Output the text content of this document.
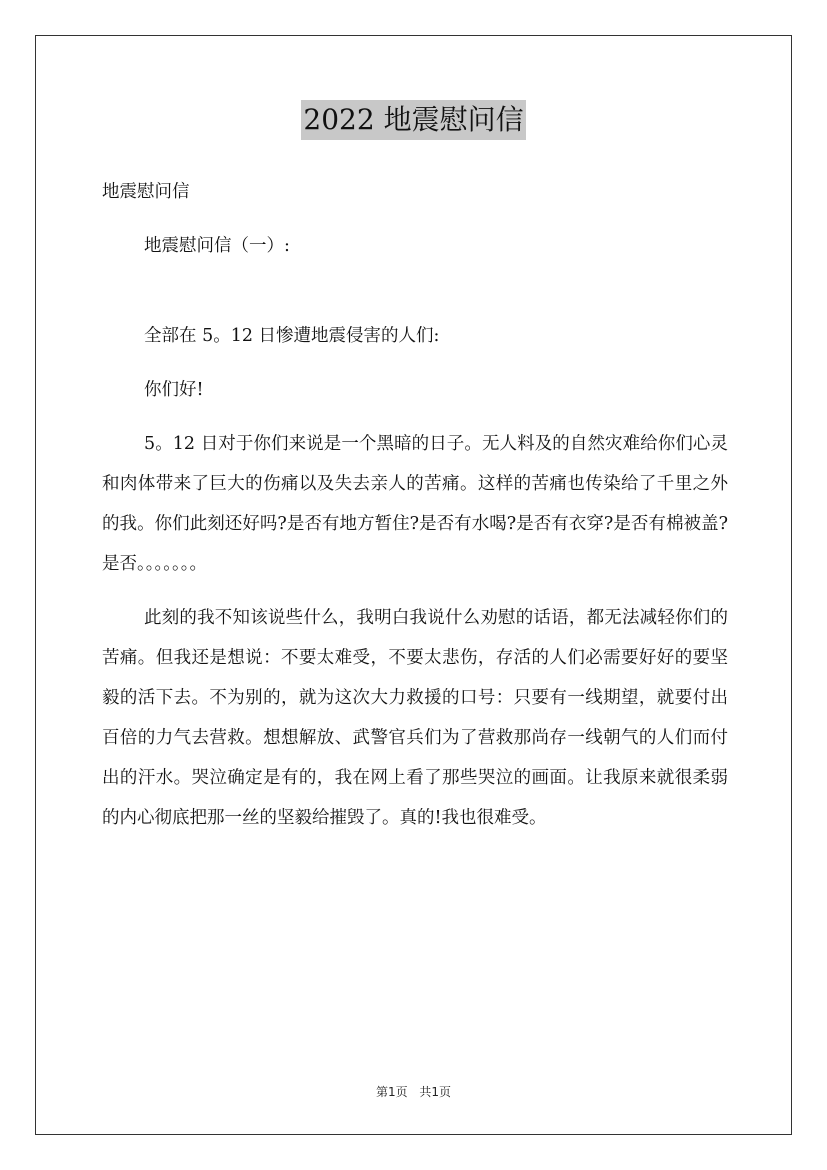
2022 地震慰问信

地震慰问信

地震慰问信（一）:

全部在 5。12 日惨遭地震侵害的人们:

你们好!

5。12 日对于你们来说是一个黑暗的日子。无人料及的自然灾难给你们心灵和肉体带来了巨大的伤痛以及失去亲人的苦痛。这样的苦痛也传染给了千里之外的我。你们此刻还好吗?是否有地方暂住?是否有水喝?是否有衣穿?是否有棉被盖?是否。。。。。。。

此刻的我不知该说些什么，我明白我说什么劝慰的话语，都无法减轻你们的苦痛。但我还是想说：不要太难受，不要太悲伤，存活的人们必需要好好的要坚毅的活下去。不为别的，就为这次大力救援的口号：只要有一线期望，就要付出百倍的力气去营救。想想解放、武警官兵们为了营救那尚存一线朝气的人们而付出的汗水。哭泣确定是有的，我在网上看了那些哭泣的画面。让我原来就很柔弱的内心彻底把那一丝的坚毅给摧毁了。真的!我也很难受。

第1页 共1页
